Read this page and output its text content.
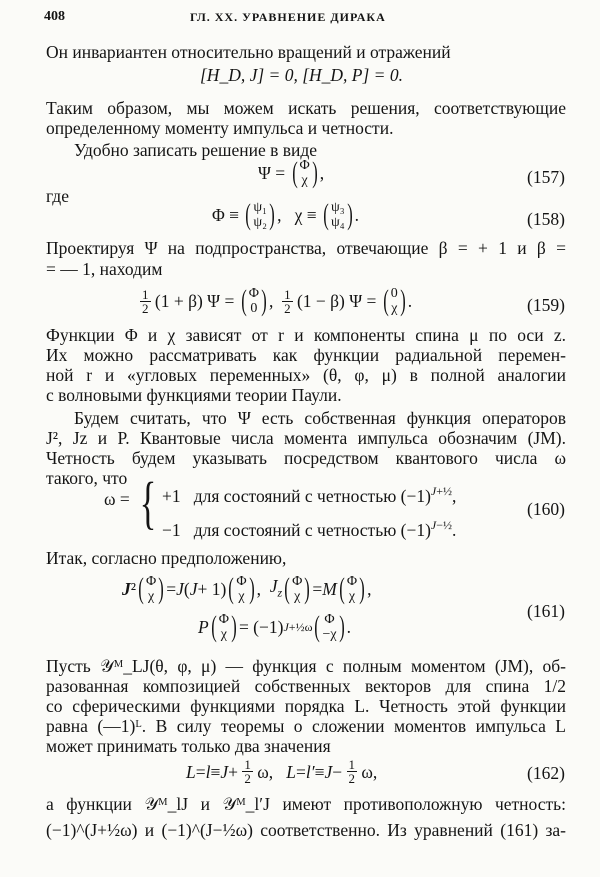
408	ГЛ. XX. УРАВНЕНИЕ ДИРАКА
Он инвариантен относительно вращений и отражений
[H_D, J] = 0, [H_D, P] = 0.
Таким образом, мы можем искать решения, соответствующие
определенному моменту импульса и четности.
Удобно записать решение в виде
Ψ = ( Φ
χ ) ,	(157)
где
Φ ≡ ( ψ₁
ψ₂ ) ,   χ ≡ ( ψ₃
ψ₄ ) .	(158)
Проектируя Ψ на подпространства, отвечающие β = + 1 и β =
= — 1, находим
1
2 (1 + β) Ψ = ( Φ
0 ) , 1
2 (1 − β) Ψ = ( 0
χ ) .	(159)
Функции Φ и χ зависят от r и компоненты спина μ по оси z.
Их можно рассматривать как функции радиальной перемен-
ной r и «угловых переменных» (θ, φ, μ) в полной аналогии
с волновыми функциями теории Паули.
Будем считать, что Ψ есть собственная функция операторов
J², Jz и P. Квантовые числа момента импульса обозначим (JM).
Четность будем указывать посредством квантового числа ω
такого, что
ω = { +1   для состояний с четностью $(-1)^{J+\frac{1}{2}}$,
−1   для состояний с четностью $(-1)^{J-\frac{1}{2}}$.
(160)
Итак, согласно предположению,
J ² ( Φ
χ ) = J ( J + 1) ( Φ
χ ) , $J_z$ ( Φ
χ ) = M ( Φ
χ ) ,
P ( Φ
χ ) = (−1) J+½ω ( Φ
−χ ) .
(161)
Пусть 𝒴ᴹ_LJ(θ, φ, μ) — функция с полным моментом (JM), об-
разованная композицией собственных векторов для спина 1/2
со сферическими функциями порядка L. Четность этой функции
равна (—1)ᴸ. В силу теоремы о сложении моментов импульса L
может принимать только два значения
L = l ≡ J + 1
2 ω, L = l′ ≡ J − 1
2 ω,	(162)
а функции 𝒴ᴹ_lJ и 𝒴ᴹ_l′J имеют противоположную четность:
(−1)^(J+½ω) и (−1)^(J−½ω) соответственно. Из уравнений (161) за-
